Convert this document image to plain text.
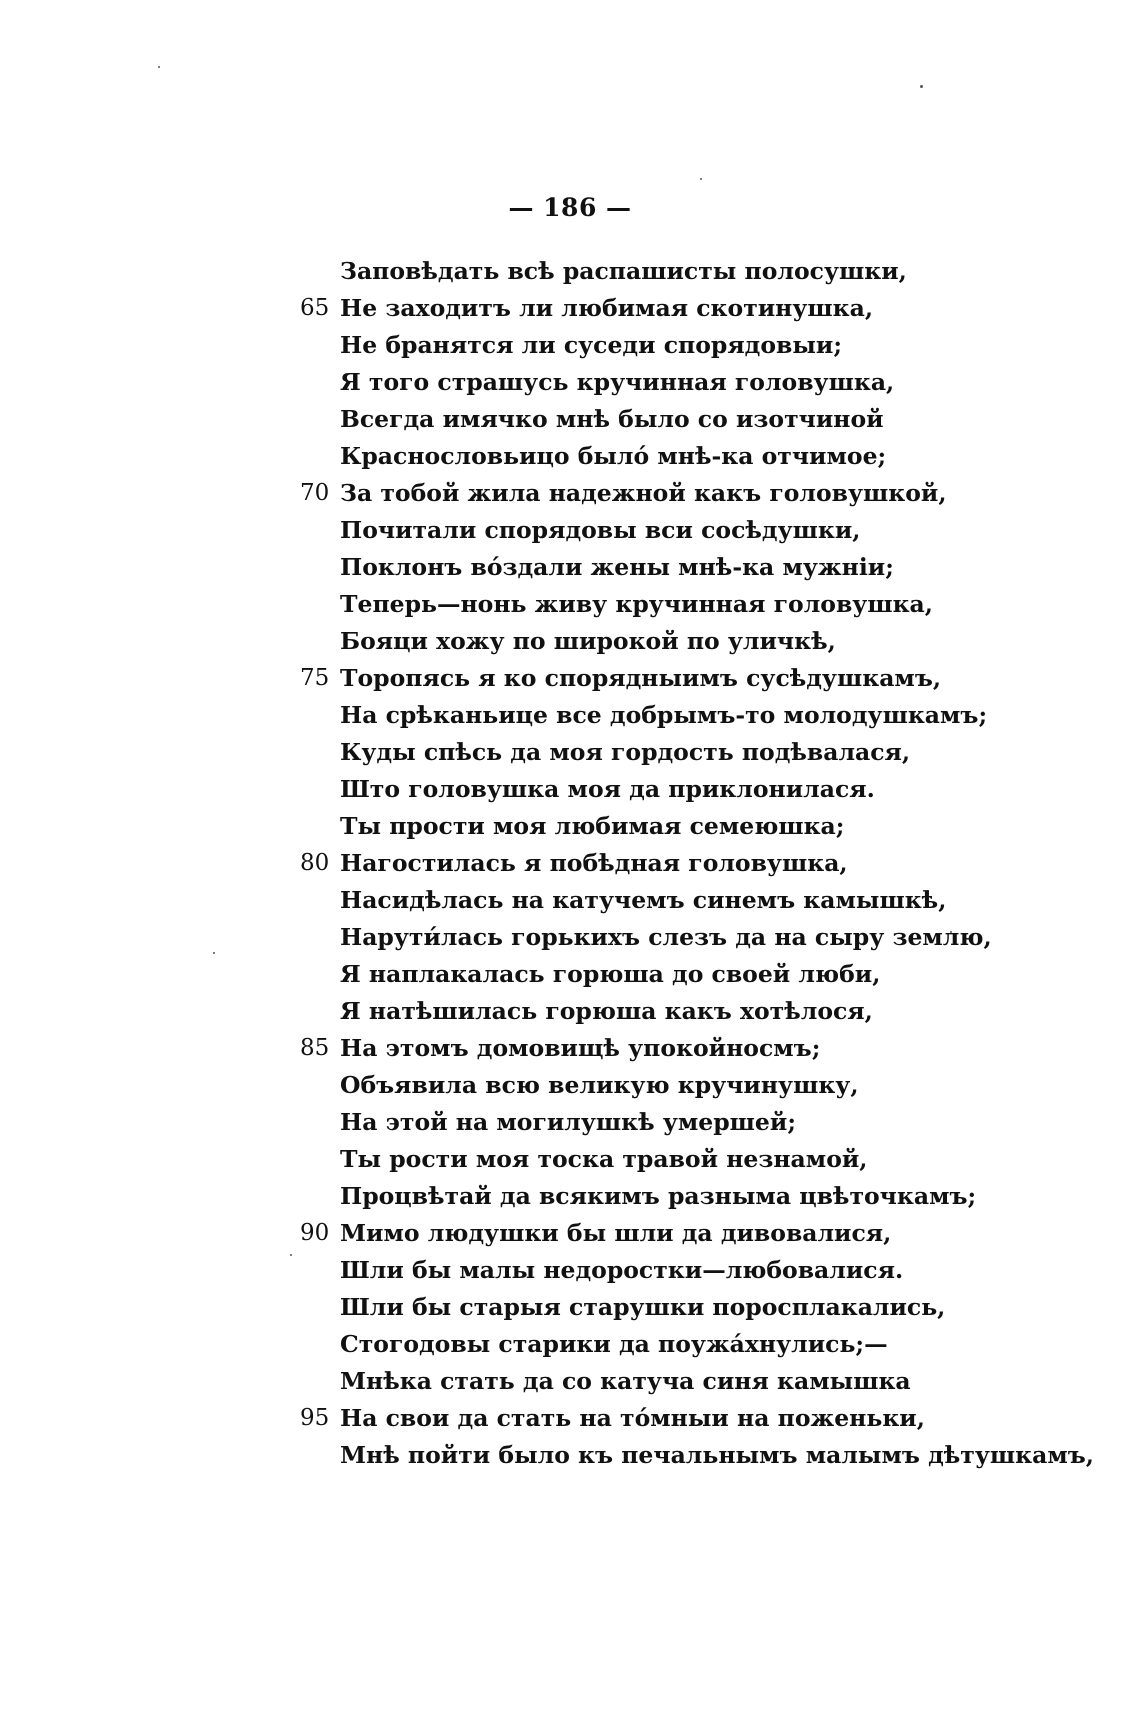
— 186 —
Заповѣдать всѣ распашисты полосушки,
65 Не заходитъ ли любимая скотинушка,
Не бранятся ли суседи спорядовыи;
Я того страшусь кручинная головушка,
Всегда имячко мнѣ было со изотчиной
Краснословьицо было́ мнѣ-ка отчимое;
70 За тобой жила надежной какъ головушкой,
Почитали спорядовы вси сосѣдушки,
Поклонъ во́здали жены мнѣ-ка мужніи;
Теперь—нонь живу кручинная головушка,
Бояци хожу по широкой по уличкѣ,
75 Торопясь я ко спорядныимъ сусѣдушкамъ,
На срѣканьице все добрымъ-то молодушкамъ;
Куды спѣсь да моя гордость подѣвалася,
Што головушка моя да приклонилася.
Ты прости моя любимая семеюшка;
80 Нагостилась я побѣдная головушка,
Насидѣлась на катучемъ синемъ камышкѣ,
Нарути́лась горькихъ слезъ да на сыру землю,
Я наплакалась горюша до своей люби,
Я натѣшилась горюша какъ хотѣлося,
85 На этомъ домовищѣ упокойносмъ;
Объявила всю великую кручинушку,
На этой на могилушкѣ умершей;
Ты рости моя тоска травой незнамой,
Процвѣтай да всякимъ разныма цвѣточкамъ;
90 Мимо людушки бы шли да дивовалися,
Шли бы малы недоростки—любовалися.
Шли бы старыя старушки поросплакались,
Стогодовы старики да поужа́хнулись;—
Мнѣка стать да со катуча синя камышка
95 На свои да стать на то́мныи на поженьки,
Мнѣ пойти было къ печальнымъ малымъ дѣтушкамъ,
